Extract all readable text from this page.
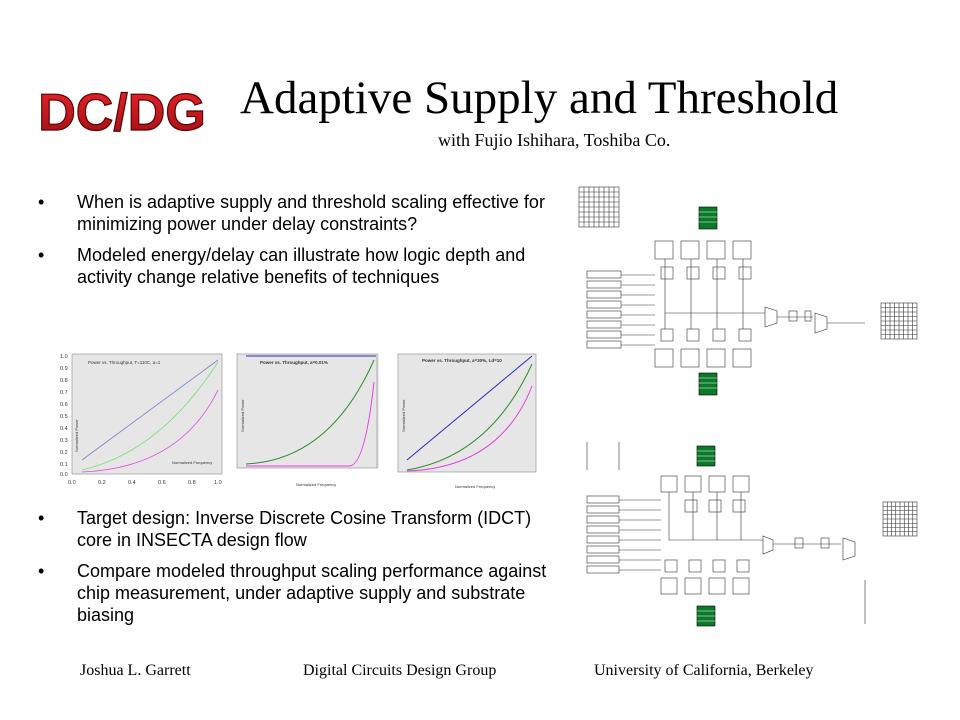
DC/DG Adaptive Supply and Threshold
with Fujio Ishihara, Toshiba Co.
• When is adaptive supply and threshold scaling effective for minimizing power under delay constraints?
• Modeled energy/delay can illustrate how logic depth and activity change relative benefits of techniques
1.0
0.9
0.8
0.7
0.6
0.5
0.4
0.3
0.2
0.1
0.0
0.0	0.2	0.4	0.6	0.8	1.0
Power vs. Throughput, T=110C, a=1
Normalized Frequency
Normalized Power
Power vs. Throughput, a=0.01%
Normalized Frequency
Normalized Power
Power vs. Throughput, a=30%, Ld=10
Normalized Frequency
Normalized Power
• Target design: Inverse Discrete Cosine Transform (IDCT) core in INSECTA design flow
• Compare modeled throughput scaling performance against chip measurement, under adaptive supply and substrate biasing
Joshua L. Garrett	Digital Circuits Design Group	University of California, Berkeley
